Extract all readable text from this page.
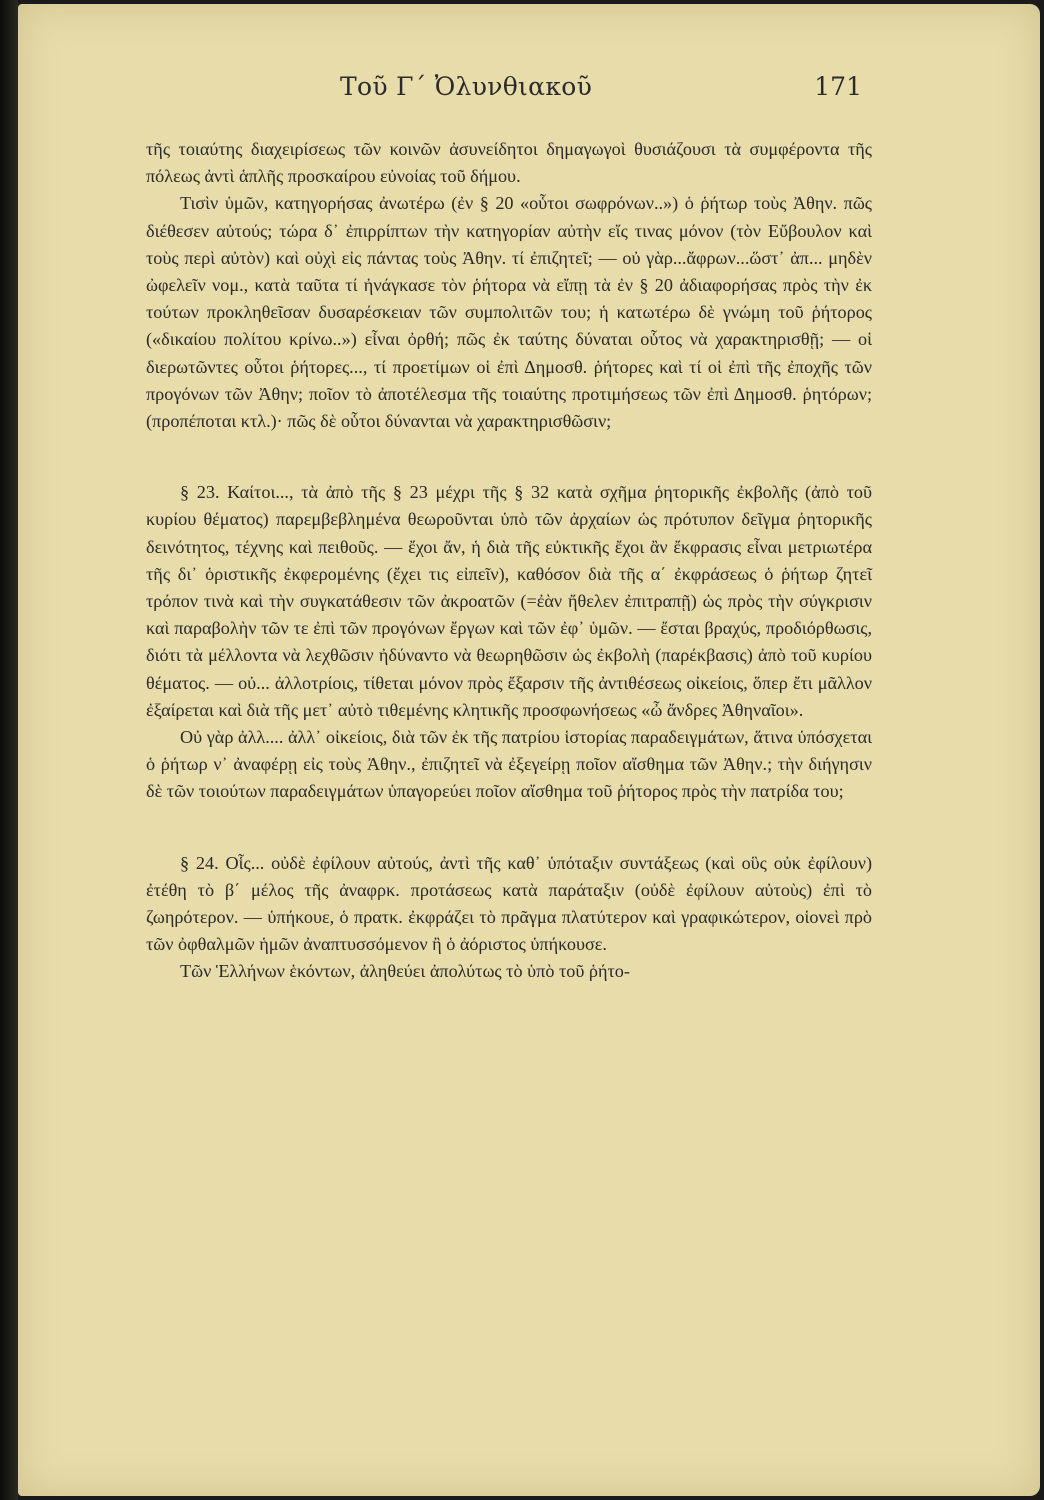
Τοῦ Γ΄ Ὀλυνθιακοῦ	171

τῆς τοιαύτης διαχειρίσεως τῶν κοινῶν ἀσυνείδητοι δημαγωγοὶ θυσιάζουσι τὰ συμφέροντα τῆς πόλεως ἀντὶ ἁπλῆς προσκαίρου εὐνοίας τοῦ δήμου.

Τισὶν ὑμῶν, κατηγορήσας ἀνωτέρω (ἐν § 20 «οὗτοι σωφρόνων..») ὁ ῥήτωρ τοὺς Ἀθην. πῶς διέθεσεν αὐτούς; τώρα δ᾽ ἐπιρρίπτων τὴν κατηγορίαν αὐτὴν εἴς τινας μόνον (τὸν Εὔβουλον καὶ τοὺς περὶ αὐτὸν) καὶ οὐχὶ εἰς πάντας τοὺς Ἀθην. τί ἐπιζητεῖ; — οὐ γὰρ...ἄφρων...ὥστ᾽ ἀπ... μηδὲν ὠφελεῖν νομ., κατὰ ταῦτα τί ἠνάγκασε τὸν ῥήτορα νὰ εἴπῃ τὰ ἐν § 20 ἀδιαφορήσας πρὸς τὴν ἐκ τούτων προκληθεῖσαν δυσαρέσκειαν τῶν συμπολιτῶν του; ἡ κατωτέρω δὲ γνώμη τοῦ ῥήτορος («δικαίου πολίτου κρίνω..») εἶναι ὀρθή; πῶς ἐκ ταύτης δύναται οὗτος νὰ χαρακτηρισθῇ; — οἱ διερωτῶντες οὗτοι ῥήτορες..., τί προετίμων οἱ ἐπὶ Δημοσθ. ῥήτορες καὶ τί οἱ ἐπὶ τῆς ἐποχῆς τῶν προγόνων τῶν Ἀθην; ποῖον τὸ ἀποτέλεσμα τῆς τοιαύτης προτιμήσεως τῶν ἐπὶ Δημοσθ. ῥητόρων; (προπέποται κτλ.)· πῶς δὲ οὗτοι δύνανται νὰ χαρακτηρισθῶσιν;

§ 23. Καίτοι..., τὰ ἀπὸ τῆς § 23 μέχρι τῆς § 32 κατὰ σχῆμα ῥητορικῆς ἐκβολῆς (ἀπὸ τοῦ κυρίου θέματος) παρεμβεβλημένα θεωροῦνται ὑπὸ τῶν ἀρχαίων ὡς πρότυπον δεῖγμα ῥητορικῆς δεινότητος, τέχνης καὶ πειθοῦς. — ἔχοι ἄν, ἡ διὰ τῆς εὐκτικῆς ἔχοι ἂν ἔκφρασις εἶναι μετριωτέρα τῆς δι᾽ ὁριστικῆς ἐκφερομένης (ἔχει τις εἰπεῖν), καθόσον διὰ τῆς α΄ ἐκφράσεως ὁ ῥήτωρ ζητεῖ τρόπον τινὰ καὶ τὴν συγκατάθεσιν τῶν ἀκροατῶν (=ἐὰν ἤθελεν ἐπιτραπῇ) ὡς πρὸς τὴν σύγκρισιν καὶ παραβολὴν τῶν τε ἐπὶ τῶν προγόνων ἔργων καὶ τῶν ἐφ᾽ ὑμῶν. — ἔσται βραχύς, προδιόρθωσις, διότι τὰ μέλλοντα νὰ λεχθῶσιν ἠδύναντο νὰ θεωρηθῶσιν ὡς ἐκβολὴ (παρέκβασις) ἀπὸ τοῦ κυρίου θέματος. — οὐ... ἀλλοτρίοις, τίθεται μόνον πρὸς ἔξαρσιν τῆς ἀντιθέσεως οἰκείοις, ὅπερ ἔτι μᾶλλον ἐξαίρεται καὶ διὰ τῆς μετ᾽ αὐτὸ τιθεμένης κλητικῆς προσφωνήσεως «ὦ ἄνδρες Ἀθηναῖοι».

Οὐ γὰρ ἀλλ.... ἀλλ᾽ οἰκείοις, διὰ τῶν ἐκ τῆς πατρίου ἱστορίας παραδειγμάτων, ἅτινα ὑπόσχεται ὁ ῥήτωρ ν᾽ ἀναφέρῃ εἰς τοὺς Ἀθην., ἐπιζητεῖ νὰ ἐξεγείρῃ ποῖον αἴσθημα τῶν Ἀθην.; τὴν διήγησιν δὲ τῶν τοιούτων παραδειγμάτων ὑπαγορεύει ποῖον αἴσθημα τοῦ ῥήτορος πρὸς τὴν πατρίδα του;

§ 24. Οἷς... οὐδὲ ἐφίλουν αὐτούς, ἀντὶ τῆς καθ᾽ ὑπόταξιν συντάξεως (καὶ οὓς οὐκ ἐφίλουν) ἐτέθη τὸ β΄ μέλος τῆς ἀναφρκ. προτάσεως κατὰ παράταξιν (οὐδὲ ἐφίλουν αὐτοὺς) ἐπὶ τὸ ζωηρότερον. — ὑπήκουε, ὁ πρατκ. ἐκφράζει τὸ πρᾶγμα πλατύτερον καὶ γραφικώτερον, οἱονεὶ πρὸ τῶν ὀφθαλμῶν ἡμῶν ἀναπτυσσόμενον ἢ ὁ ἀόριστος ὑπήκουσε.

Τῶν Ἑλλήνων ἑκόντων, ἀληθεύει ἀπολύτως τὸ ὑπὸ τοῦ ῥήτο-
